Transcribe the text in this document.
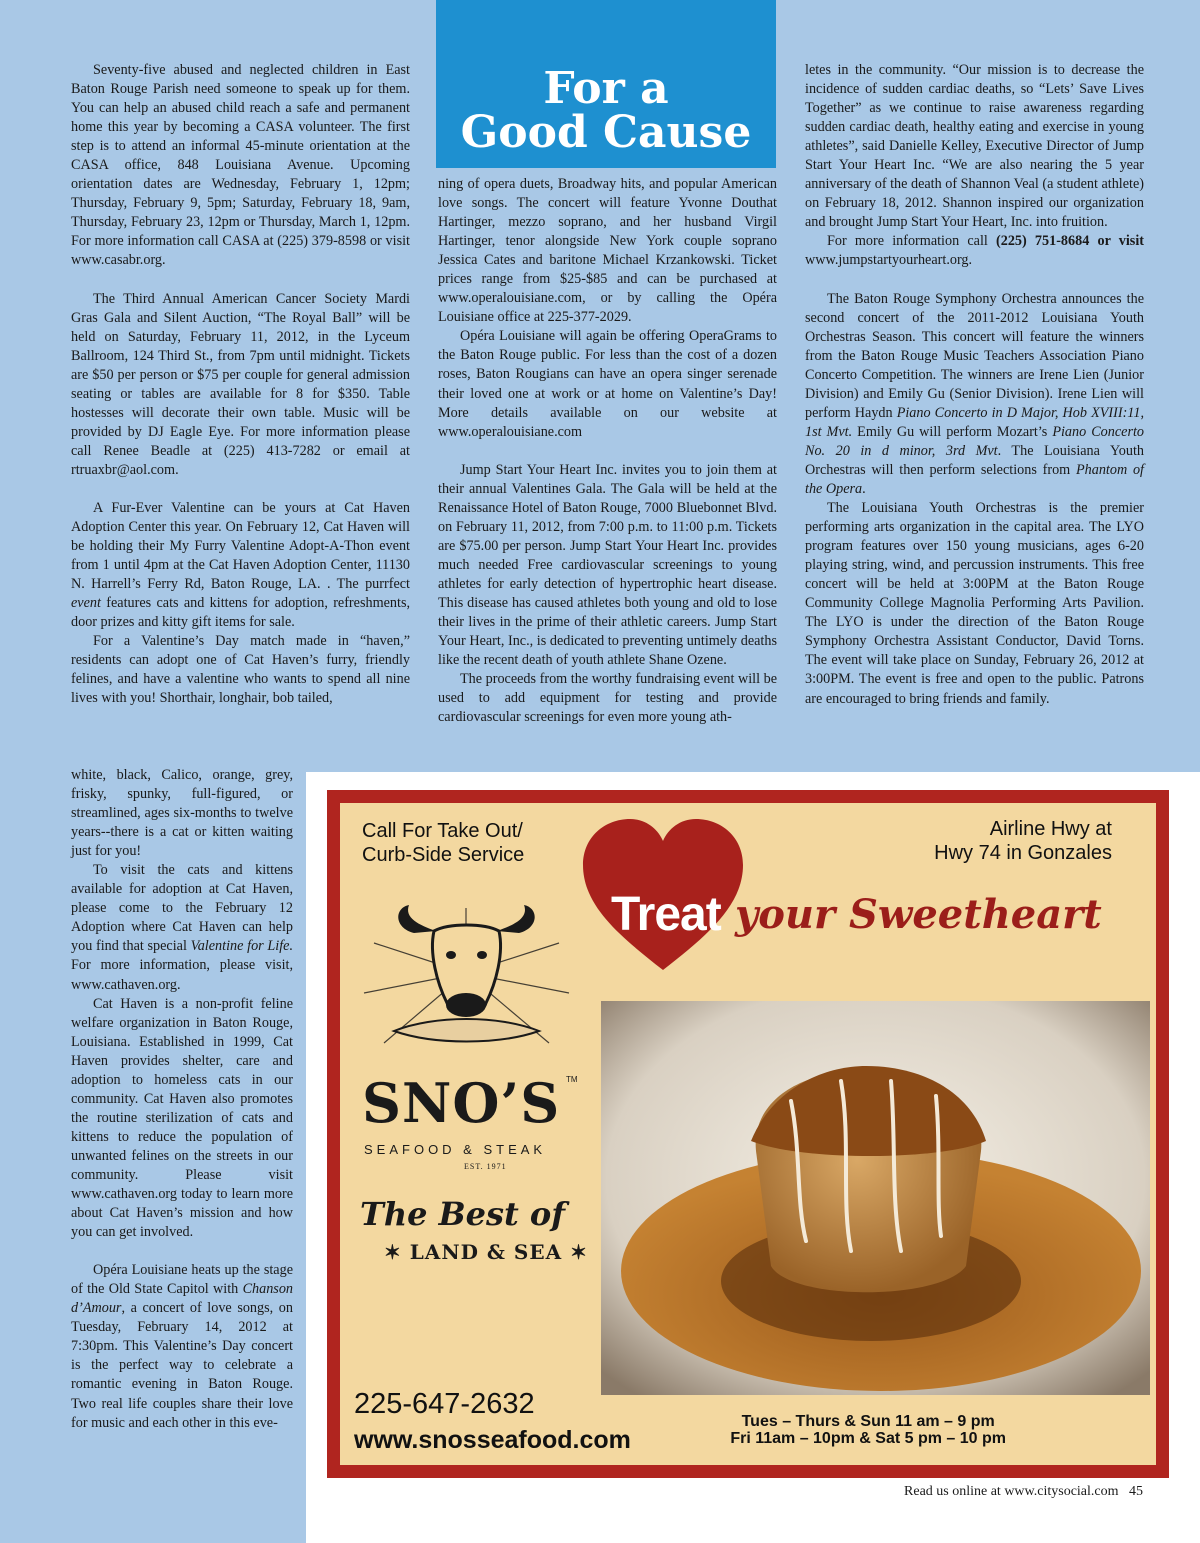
For a
Good Cause

Seventy-five abused and neglected children in East Baton Rouge Parish need someone to speak up for them. You can help an abused child reach a safe and permanent home this year by becoming a CASA volunteer. The first step is to attend an informal 45-minute orientation at the CASA office, 848 Louisiana Avenue. Upcoming orientation dates are Wednesday, February 1, 12pm; Thursday, February 9, 5pm; Saturday, February 18, 9am, Thursday, February 23, 12pm or Thursday, March 1, 12pm. For more information call CASA at (225) 379-8598 or visit www.casabr.org.

The Third Annual American Cancer Society Mardi Gras Gala and Silent Auction, “The Royal Ball” will be held on Saturday, February 11, 2012, in the Lyceum Ballroom, 124 Third St., from 7pm until midnight. Tickets are $50 per person or $75 per couple for general admission seating or tables are available for 8 for $350. Table hostesses will decorate their own table. Music will be provided by DJ Eagle Eye. For more information please call Renee Beadle at (225) 413-7282 or email at rtruaxbr@aol.com.

A Fur-Ever Valentine can be yours at Cat Haven Adoption Center this year. On February 12, Cat Haven will be holding their My Furry Valentine Adopt-A-Thon event from 1 until 4pm at the Cat Haven Adoption Center, 11130 N. Harrell’s Ferry Rd, Baton Rouge, LA. . The purrfect event features cats and kittens for adoption, refreshments, door prizes and kitty gift items for sale.

For a Valentine’s Day match made in “haven,” residents can adopt one of Cat Haven’s furry, friendly felines, and have a valentine who wants to spend all nine lives with you! Shorthair, longhair, bob tailed,

white, black, Calico, orange, grey, frisky, spunky, full-figured, or streamlined, ages six-months to twelve years--there is a cat or kitten waiting just for you!

To visit the cats and kittens available for adoption at Cat Haven, please come to the February 12 Adoption where Cat Haven can help you find that special Valentine for Life. For more information, please visit, www.cathaven.org.

Cat Haven is a non-profit feline welfare organization in Baton Rouge, Louisiana. Established in 1999, Cat Haven provides shelter, care and adoption to homeless cats in our community. Cat Haven also promotes the routine sterilization of cats and kittens to reduce the population of unwanted felines on the streets in our community. Please visit www.cathaven.org today to learn more about Cat Haven’s mission and how you can get involved.

Opéra Louisiane heats up the stage of the Old State Capitol with Chanson d’Amour, a concert of love songs, on Tuesday, February 14, 2012 at 7:30pm. This Valentine’s Day concert is the perfect way to celebrate a romantic evening in Baton Rouge. Two real life couples share their love for music and each other in this eve-

ning of opera duets, Broadway hits, and popular American love songs. The concert will feature Yvonne Douthat Hartinger, mezzo soprano, and her husband Virgil Hartinger, tenor alongside New York couple soprano Jessica Cates and baritone Michael Krzankowski. Ticket prices range from $25-$85 and can be purchased at www.operalouisiane.com, or by calling the Opéra Louisiane office at 225-377-2029.

Opéra Louisiane will again be offering OperaGrams to the Baton Rouge public. For less than the cost of a dozen roses, Baton Rougians can have an opera singer serenade their loved one at work or at home on Valentine’s Day! More details available on our website at www.operalouisiane.com

Jump Start Your Heart Inc. invites you to join them at their annual Valentines Gala. The Gala will be held at the Renaissance Hotel of Baton Rouge, 7000 Bluebonnet Blvd. on February 11, 2012, from 7:00 p.m. to 11:00 p.m. Tickets are $75.00 per person. Jump Start Your Heart Inc. provides much needed Free cardiovascular screenings to young athletes for early detection of hypertrophic heart disease. This disease has caused athletes both young and old to lose their lives in the prime of their athletic careers. Jump Start Your Heart, Inc., is dedicated to preventing untimely deaths like the recent death of youth athlete Shane Ozene.

The proceeds from the worthy fundraising event will be used to add equipment for testing and provide cardiovascular screenings for even more young ath-

letes in the community. “Our mission is to decrease the incidence of sudden cardiac deaths, so “Lets’ Save Lives Together” as we continue to raise awareness regarding sudden cardiac death, healthy eating and exercise in young athletes”, said Danielle Kelley, Executive Director of Jump Start Your Heart Inc. “We are also nearing the 5 year anniversary of the death of Shannon Veal (a student athlete) on February 18, 2012. Shannon inspired our organization and brought Jump Start Your Heart, Inc. into fruition.

For more information call (225) 751-8684 or visit www.jumpstartyourheart.org.

The Baton Rouge Symphony Orchestra announces the second concert of the 2011-2012 Louisiana Youth Orchestras Season. This concert will feature the winners from the Baton Rouge Music Teachers Association Piano Concerto Competition. The winners are Irene Lien (Junior Division) and Emily Gu (Senior Division). Irene Lien will perform Haydn Piano Concerto in D Major, Hob XVIII:11, 1st Mvt. Emily Gu will perform Mozart’s Piano Concerto No. 20 in d minor, 3rd Mvt. The Louisiana Youth Orchestras will then perform selections from Phantom of the Opera.

The Louisiana Youth Orchestras is the premier performing arts organization in the capital area. The LYO program features over 150 young musicians, ages 6-20 playing string, wind, and percussion instruments. This free concert will be held at 3:00PM at the Baton Rouge Community College Magnolia Performing Arts Pavilion. The LYO is under the direction of the Baton Rouge Symphony Orchestra Assistant Conductor, David Torns. The event will take place on Sunday, February 26, 2012 at 3:00PM. The event is free and open to the public. Patrons are encouraged to bring friends and family.

Call For Take Out/
Curb-Side Service
Airline Hwy at
Hwy 74 in Gonzales
Treat your Sweetheart
SNO’S TM
SEAFOOD & STEAK
EST. 1971
The Best of
✶ LAND & SEA ✶
225-647-2632
www.snosseafood.com
Tues – Thurs & Sun 11 am – 9 pm
Fri 11am – 10pm & Sat 5 pm – 10 pm
Read us online at www.citysocial.com 45
